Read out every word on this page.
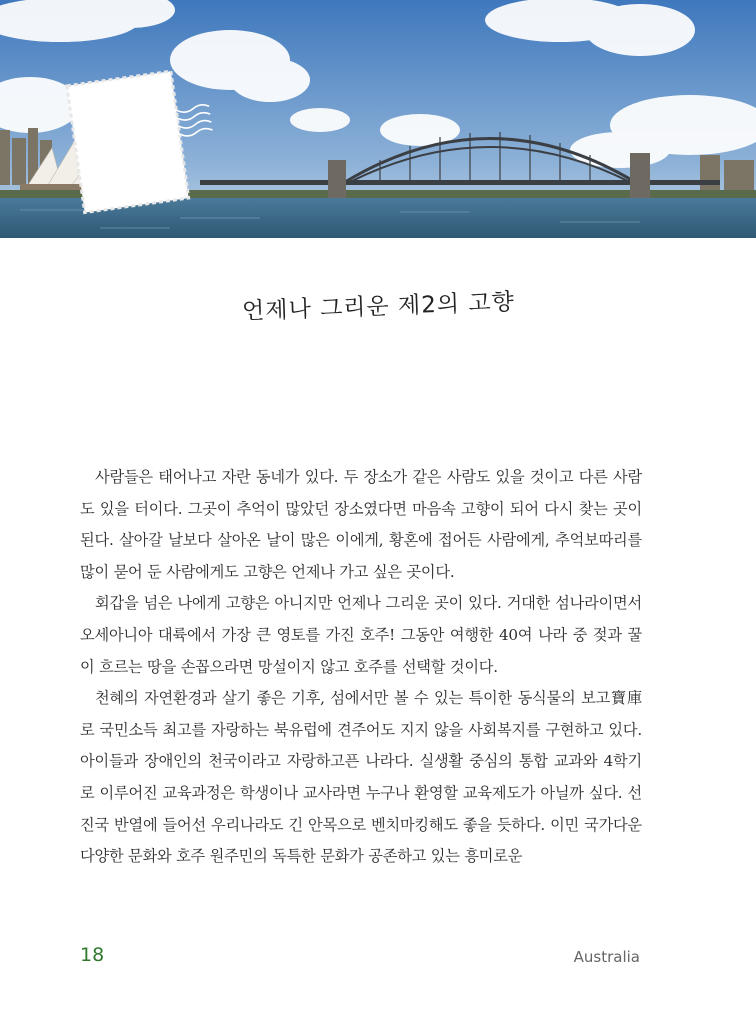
언제나 그리운 제2의 고향

사람들은 태어나고 자란 동네가 있다. 두 장소가 같은 사람도 있을 것이고 다른 사람도 있을 터이다. 그곳이 추억이 많았던 장소였다면 마음속 고향이 되어 다시 찾는 곳이 된다. 살아갈 날보다 살아온 날이 많은 이에게, 황혼에 접어든 사람에게, 추억보따리를 많이 묻어 둔 사람에게도 고향은 언제나 가고 싶은 곳이다.

회갑을 넘은 나에게 고향은 아니지만 언제나 그리운 곳이 있다. 거대한 섬나라이면서 오세아니아 대륙에서 가장 큰 영토를 가진 호주! 그동안 여행한 40여 나라 중 젖과 꿀이 흐르는 땅을 손꼽으라면 망설이지 않고 호주를 선택할 것이다.

천혜의 자연환경과 살기 좋은 기후, 섬에서만 볼 수 있는 특이한 동식물의 보고寶庫로 국민소득 최고를 자랑하는 북유럽에 견주어도 지지 않을 사회복지를 구현하고 있다. 아이들과 장애인의 천국이라고 자랑하고픈 나라다. 실생활 중심의 통합 교과와 4학기로 이루어진 교육과정은 학생이나 교사라면 누구나 환영할 교육제도가 아닐까 싶다. 선진국 반열에 들어선 우리나라도 긴 안목으로 벤치마킹해도 좋을 듯하다. 이민 국가다운 다양한 문화와 호주 원주민의 독특한 문화가 공존하고 있는 흥미로운

18	Australia
